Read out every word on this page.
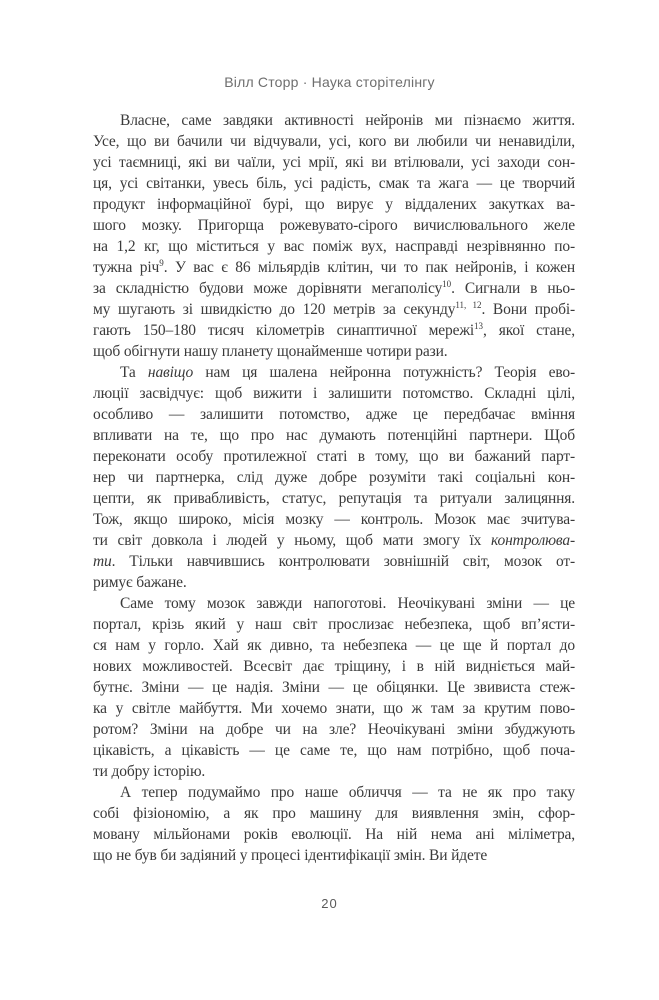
Вілл Сторр · Наука сторітелінгу
Власне, саме завдяки активності нейронів ми пізнаємо життя.
Усе, що ви бачили чи відчували, усі, кого ви любили чи ненавиділи,
усі таємниці, які ви чаїли, усі мрії, які ви втілювали, усі заходи сон-
ця, усі світанки, увесь біль, усі радість, смак та жага — це творчий
продукт інформаційної бурі, що вирує у віддалених закутках ва-
шого мозку. Пригорща рожевувато-сірого вичислювального желе
на 1,2 кг, що міститься у вас поміж вух, насправді незрівнянно по-
тужна річ$^9$. У вас є 86 мільярдів клітин, чи то пак нейронів, і кожен
за складністю будови може дорівняти мегаполісу$^{10}$. Сигнали в ньо-
му шугають зі швидкістю до 120 метрів за секунду$^{11, 12}$. Вони пробі-
гають 150–180 тисяч кілометрів синаптичної мережі$^{13}$, якої стане,
щоб обігнути нашу планету щонайменше чотири рази.
Та навіщо нам ця шалена нейронна потужність? Теорія ево-
люції засвідчує: щоб вижити і залишити потомство. Складні цілі,
особливо — залишити потомство, адже це передбачає вміння
впливати на те, що про нас думають потенційні партнери. Щоб
переконати особу протилежної статі в тому, що ви бажаний парт-
нер чи партнерка, слід дуже добре розуміти такі соціальні кон-
цепти, як привабливість, статус, репутація та ритуали залицяння.
Тож, якщо широко, місія мозку — контроль. Мозок має зчитува-
ти світ довкола і людей у ньому, щоб мати змогу їх контролюва-
ти. Тільки навчившись контролювати зовнішній світ, мозок от-
римує бажане.
Саме тому мозок завжди напоготові. Неочікувані зміни — це
портал, крізь який у наш світ прослизає небезпека, щоб вп’ясти-
ся нам у горло. Хай як дивно, та небезпека — це ще й портал до
нових можливостей. Всесвіт дає тріщину, і в ній видніється май-
бутнє. Зміни — це надія. Зміни — це обіцянки. Це звивиста стеж-
ка у світле майбуття. Ми хочемо знати, що ж там за крутим пово-
ротом? Зміни на добре чи на зле? Неочікувані зміни збуджують
цікавість, а цікавість — це саме те, що нам потрібно, щоб поча-
ти добру історію.
А тепер подумаймо про наше обличчя — та не як про таку
собі фізіономію, а як про машину для виявлення змін, сфор-
мовану мільйонами років еволюції. На ній нема ані міліметра,
що не був би задіяний у процесі ідентифікації змін. Ви йдете
20
